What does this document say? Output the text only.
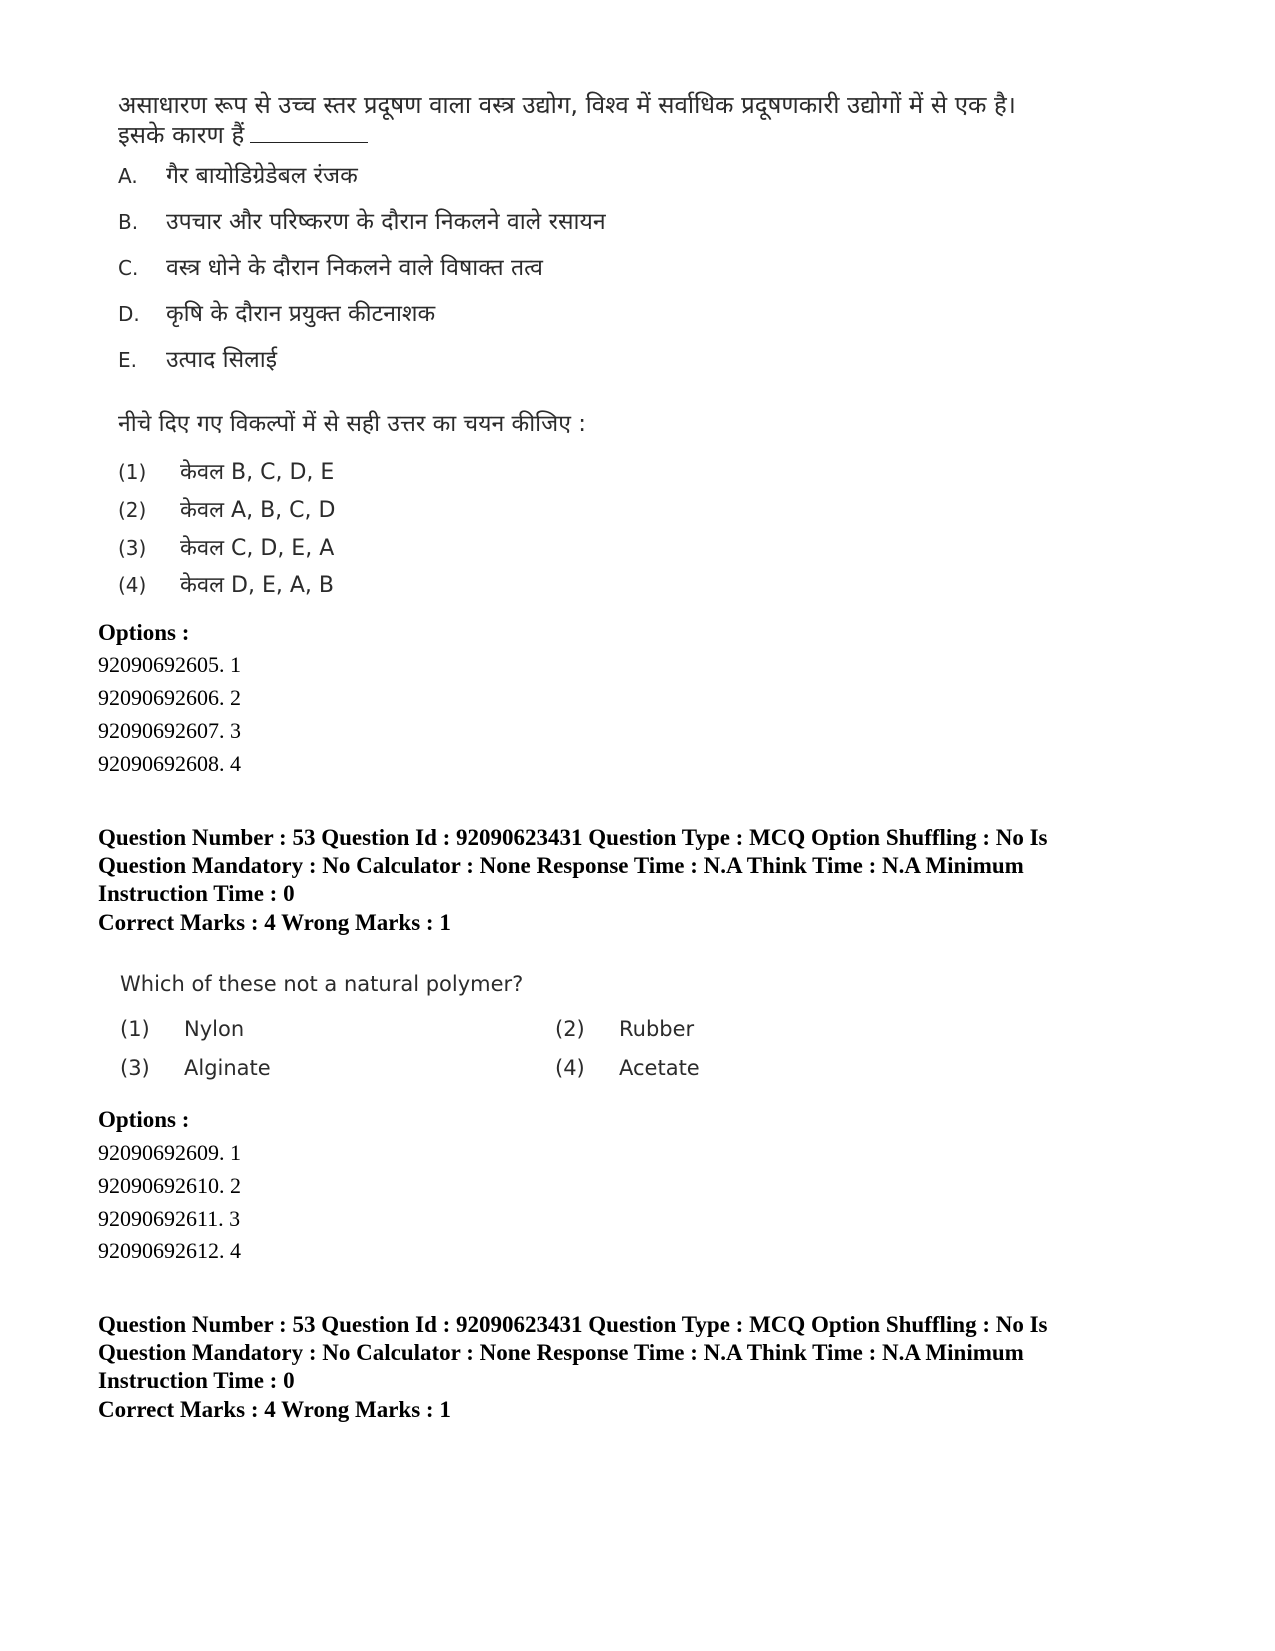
असाधारण रूप से उच्च स्तर प्रदूषण वाला वस्त्र उद्योग, विश्व में सर्वाधिक प्रदूषणकारी उद्योगों में से एक है।
इसके कारण हैं
A. गैर बायोडिग्रेडेबल रंजक
B. उपचार और परिष्करण के दौरान निकलने वाले रसायन
C. वस्त्र धोने के दौरान निकलने वाले विषाक्त तत्व
D. कृषि के दौरान प्रयुक्त कीटनाशक
E. उत्पाद सिलाई
नीचे दिए गए विकल्पों में से सही उत्तर का चयन कीजिए :
(1) केवल B, C, D, E
(2) केवल A, B, C, D
(3) केवल C, D, E, A
(4) केवल D, E, A, B
Options :
92090692605. 1
92090692606. 2
92090692607. 3
92090692608. 4
Question Number : 53 Question Id : 92090623431 Question Type : MCQ Option Shuffling : No Is
Question Mandatory : No Calculator : None Response Time : N.A Think Time : N.A Minimum
Instruction Time : 0
Correct Marks : 4 Wrong Marks : 1
Which of these not a natural polymer?
(1) Nylon	(2) Rubber
(3) Alginate	(4) Acetate
Options :
92090692609. 1
92090692610. 2
92090692611. 3
92090692612. 4
Question Number : 53 Question Id : 92090623431 Question Type : MCQ Option Shuffling : No Is
Question Mandatory : No Calculator : None Response Time : N.A Think Time : N.A Minimum
Instruction Time : 0
Correct Marks : 4 Wrong Marks : 1
